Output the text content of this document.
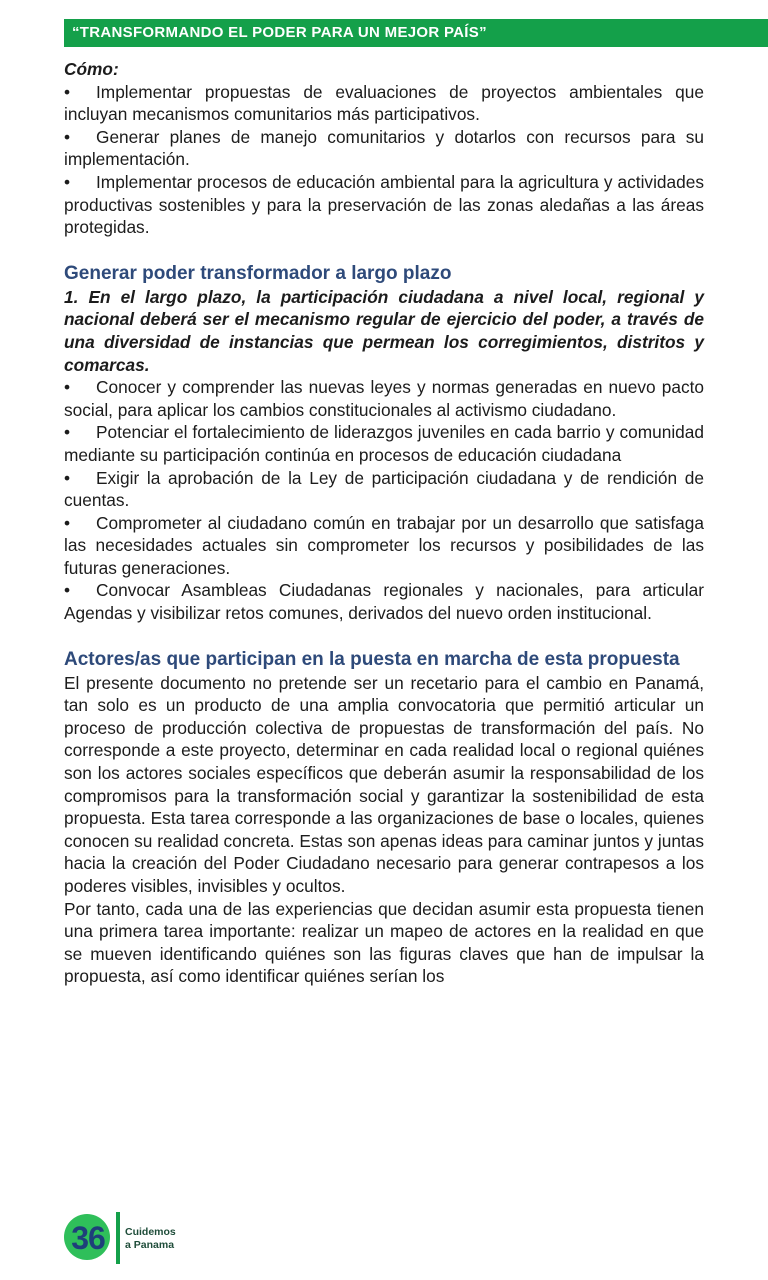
“TRANSFORMANDO EL PODER PARA UN MEJOR PAÍS”

Cómo:

• Implementar propuestas de evaluaciones de proyectos ambientales que incluyan mecanismos comunitarios más participativos.
• Generar planes de manejo comunitarios y dotarlos con recursos para su implementación.
• Implementar procesos de educación ambiental para la agricultura y actividades productivas sostenibles y para la preservación de las zonas aledañas a las áreas protegidas.
Generar poder transformador a largo plazo

1. En el largo plazo, la participación ciudadana a nivel local, regional y nacional deberá ser el mecanismo regular de ejercicio del poder, a través de una diversidad de instancias que permean los corregimientos, distritos y comarcas.

• Conocer y comprender las nuevas leyes y normas generadas en nuevo pacto social, para aplicar los cambios constitucionales al activismo ciudadano.
• Potenciar el fortalecimiento de liderazgos juveniles en cada barrio y comunidad mediante su participación continúa en procesos de educación ciudadana
• Exigir la aprobación de la Ley de participación ciudadana y de rendición de cuentas.
• Comprometer al ciudadano común en trabajar por un desarrollo que satisfaga las necesidades actuales sin comprometer los recursos y posibilidades de las futuras generaciones.
• Convocar Asambleas Ciudadanas regionales y nacionales, para articular Agendas y visibilizar retos comunes, derivados del nuevo orden institucional.
Actores/as que participan en la puesta en marcha de esta propuesta

El presente documento no pretende ser un recetario para el cambio en Panamá, tan solo es un producto de una amplia convocatoria que permitió articular un proceso de producción colectiva de propuestas de transformación del país. No corresponde a este proyecto, determinar en cada realidad local o regional quiénes son los actores sociales específicos que deberán asumir la responsabilidad de los compromisos para la transformación social y garantizar la sostenibilidad de esta propuesta. Esta tarea corresponde a las organizaciones de base o locales, quienes conocen su realidad concreta. Estas son apenas ideas para caminar juntos y juntas hacia la creación del Poder Ciudadano necesario para generar contrapesos a los poderes visibles, invisibles y ocultos.

Por tanto, cada una de las experiencias que decidan asumir esta propuesta tienen una primera tarea importante: realizar un mapeo de actores en la realidad en que se mueven identificando quiénes son las figuras claves que han de impulsar la propuesta, así como identificar quiénes serían los

36	Cuidemos
a Panama
